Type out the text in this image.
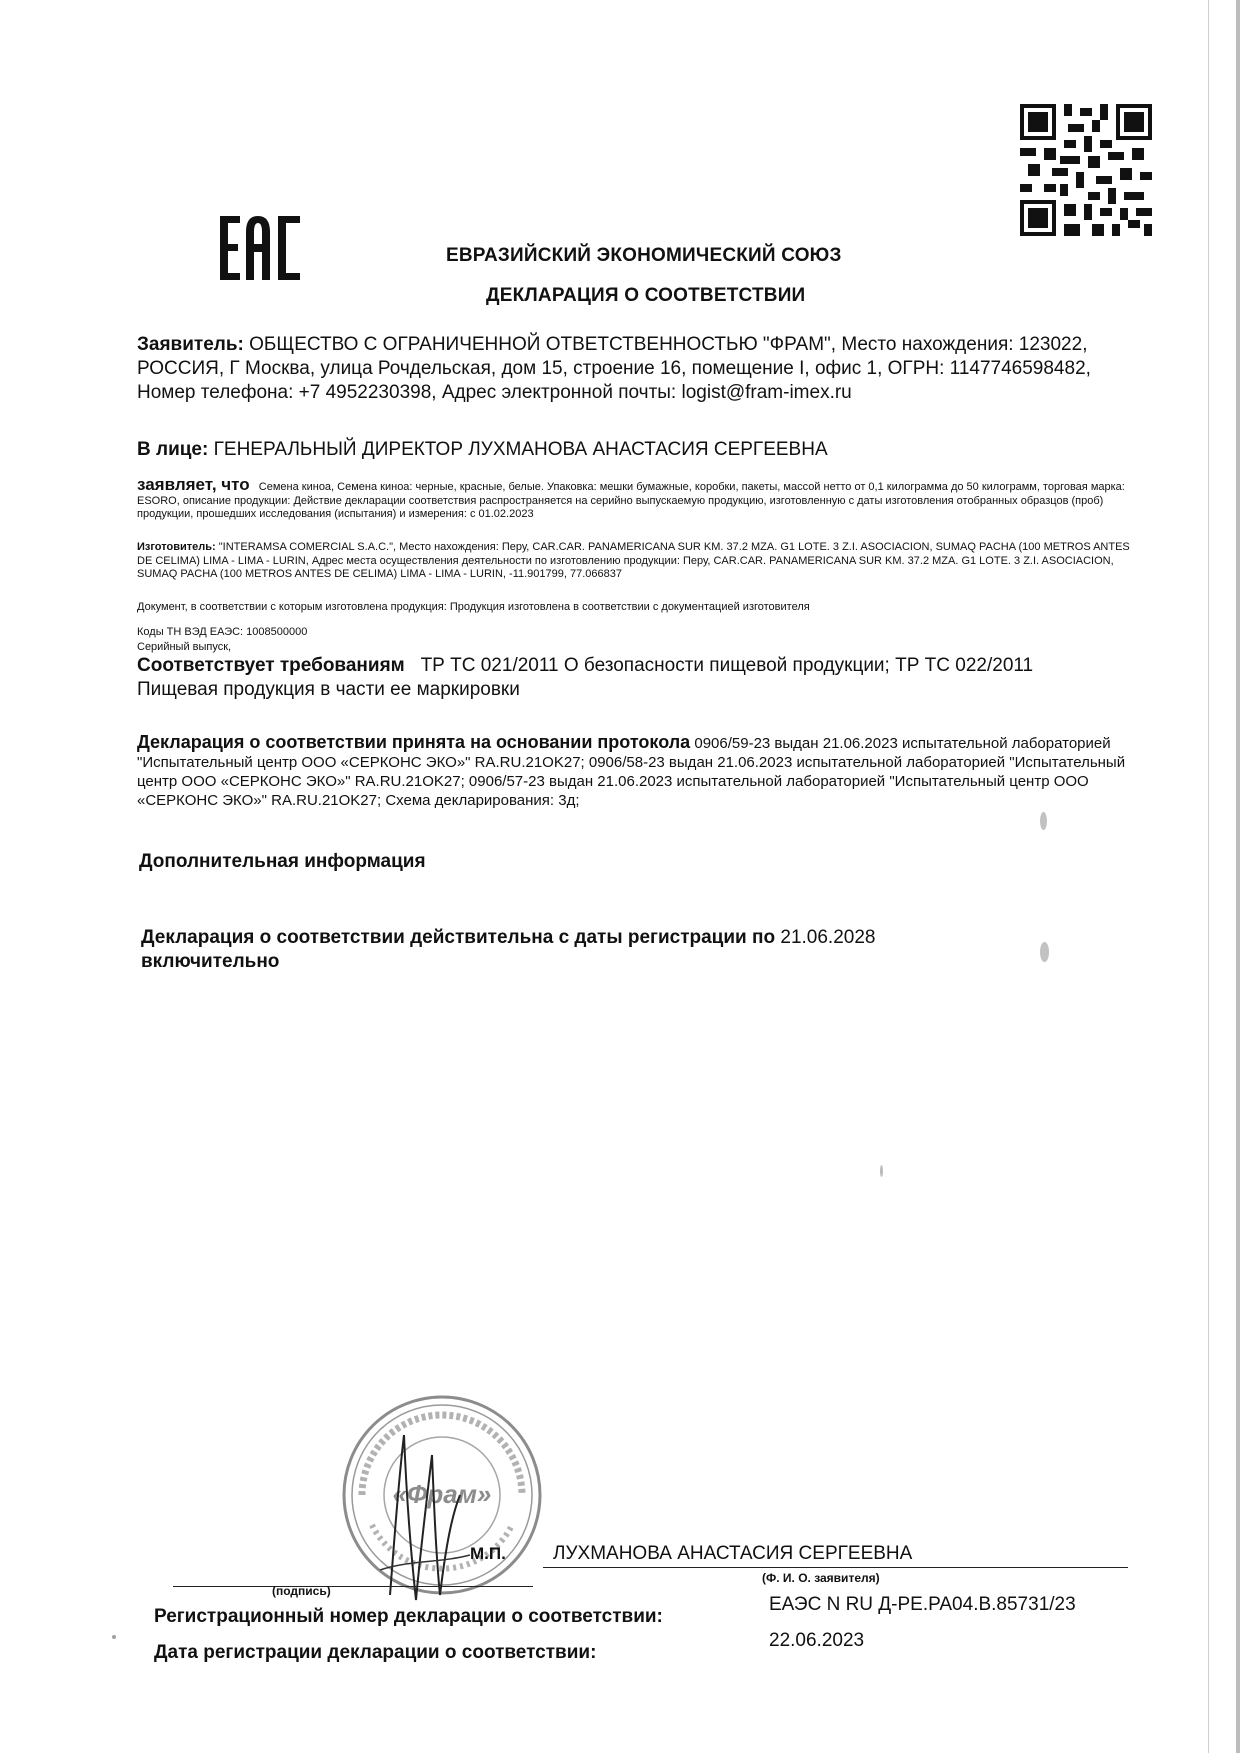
ЕВРАЗИЙСКИЙ ЭКОНОМИЧЕСКИЙ СОЮЗ
ДЕКЛАРАЦИЯ О СООТВЕТСТВИИ
Заявитель: ОБЩЕСТВО С ОГРАНИЧЕННОЙ ОТВЕТСТВЕННОСТЬЮ "ФРАМ", Место нахождения: 123022, РОССИЯ, Г Москва, улица Рочдельская, дом 15, строение 16, помещение I, офис 1, ОГРН: 1147746598482, Номер телефона: +7 4952230398, Адрес электронной почты: logist@fram-imex.ru
В лице: ГЕНЕРАЛЬНЫЙ ДИРЕКТОР ЛУХМАНОВА АНАСТАСИЯ СЕРГЕЕВНА
заявляет, что Семена киноа, Семена киноа: черные, красные, белые. Упаковка: мешки бумажные, коробки, пакеты, массой нетто от 0,1 килограмма до 50 килограмм, торговая марка: ESORO, описание продукции: Действие декларации соответствия распространяется на серийно выпускаемую продукцию, изготовленную с даты изготовления отобранных образцов (проб) продукции, прошедших исследования (испытания) и измерения: с 01.02.2023
Изготовитель: "INTERAMSA COMERCIAL S.A.C.", Место нахождения: Перу, CAR.CAR. PANAMERICANA SUR KM. 37.2 MZA. G1 LOTE. 3 Z.I. ASOCIACION, SUMAQ PACHA (100 METROS ANTES DE CELIMA) LIMA - LIMA - LURIN, Адрес места осуществления деятельности по изготовлению продукции: Перу, CAR.CAR. PANAMERICANA SUR KM. 37.2 MZA. G1 LOTE. 3 Z.I. ASOCIACION, SUMAQ PACHA (100 METROS ANTES DE CELIMA) LIMA - LIMA - LURIN, -11.901799, 77.066837
Документ, в соответствии с которым изготовлена продукция: Продукция изготовлена в соответствии с документацией изготовителя
Коды ТН ВЭД ЕАЭС: 1008500000
Серийный выпуск,
Соответствует требованиям ТР ТС 021/2011 О безопасности пищевой продукции; ТР ТС 022/2011 Пищевая продукция в части ее маркировки
Декларация о соответствии принята на основании протокола 0906/59-23 выдан 21.06.2023 испытательной лабораторией "Испытательный центр ООО «СЕРКОНС ЭКО»" RA.RU.21OK27; 0906/58-23 выдан 21.06.2023 испытательной лабораторией "Испытательный центр ООО «СЕРКОНС ЭКО»" RA.RU.21OK27; 0906/57-23 выдан 21.06.2023 испытательной лабораторией "Испытательный центр ООО «СЕРКОНС ЭКО»" RA.RU.21OK27; Схема декларирования: 3д;
Дополнительная информация
Декларация о соответствии действительна с даты регистрации по 21.06.2028
включительно
«Фрам»
М.П. ЛУХМАНОВА АНАСТАСИЯ СЕРГЕЕВНА
(подпись)
(Ф. И. О. заявителя)
Регистрационный номер декларации о соответствии:
ЕАЭС N RU Д-PE.PA04.B.85731/23
Дата регистрации декларации о соответствии:
22.06.2023
